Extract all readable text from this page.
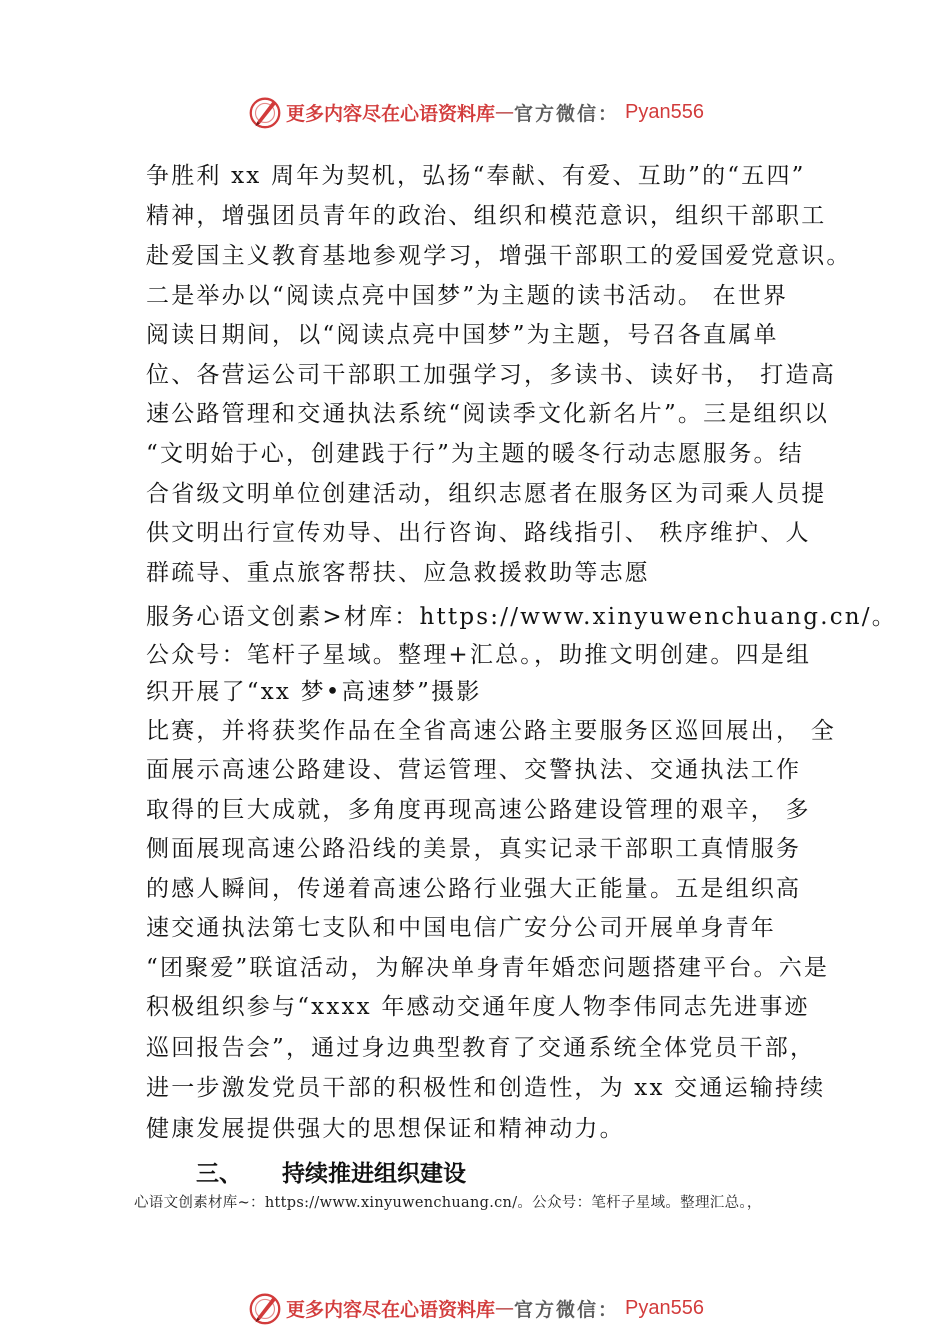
更多内容尽在心语资料库 — 官方微信： Pyan556
争胜利 xx 周年为契机，弘扬“奉献、有爱、互助”的“五四”
精神，增强团员青年的政治、组织和模范意识，组织干部职工
赴爱国主义教育基地参观学习，增强干部职工的爱国爱党意识。
二是举办以“阅读点亮中国梦”为主题的读书活动。 在世界
阅读日期间，以“阅读点亮中国梦”为主题，号召各直属单
位、各营运公司干部职工加强学习，多读书、读好书， 打造高
速公路管理和交通执法系统“阅读季文化新名片”。三是组织以
“文明始于心，创建践于行”为主题的暖冬行动志愿服务。结
合省级文明单位创建活动，组织志愿者在服务区为司乘人员提
供文明出行宣传劝导、出行咨询、路线指引、 秩序维护、人
群疏导、重点旅客帮扶、应急救援救助等志愿
服务心语文创素>材库：https://www.xinyuwenchuang.cn/。
公众号：笔杆子星域。整理+汇总。，助推文明创建。四是组
织开展了“xx 梦•高速梦”摄影
比赛，并将获奖作品在全省高速公路主要服务区巡回展出， 全
面展示高速公路建设、营运管理、交警执法、交通执法工作
取得的巨大成就，多角度再现高速公路建设管理的艰辛， 多
侧面展现高速公路沿线的美景，真实记录干部职工真情服务
的感人瞬间，传递着高速公路行业强大正能量。五是组织高
速交通执法第七支队和中国电信广安分公司开展单身青年
“团聚爱”联谊活动，为解决单身青年婚恋问题搭建平台。六是
积极组织参与“xxxx 年感动交通年度人物李伟同志先进事迹
巡回报告会”，通过身边典型教育了交通系统全体党员干部，
进一步激发党员干部的积极性和创造性，为 xx 交通运输持续
健康发展提供强大的思想保证和精神动力。
三、 持续推进组织建设
心语文创素材库~：https://www.xinyuwenchuang.cn/。公众号：笔杆子星域。整理汇总。，
更多内容尽在心语资料库 — 官方微信： Pyan556
